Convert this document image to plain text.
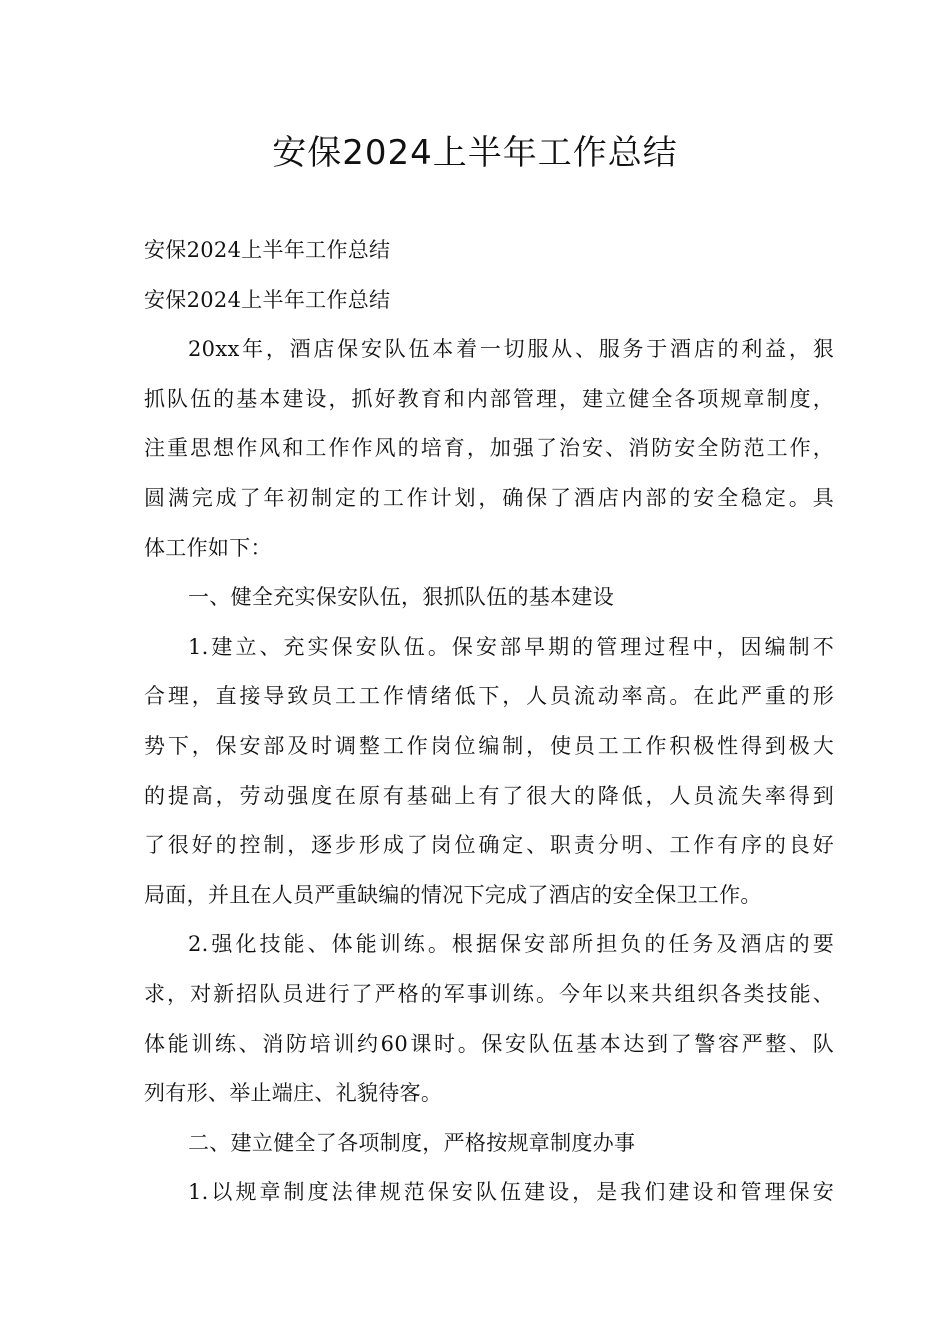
安保2024上半年工作总结
安保2024上半年工作总结
安保2024上半年工作总结
20xx年，酒店保安队伍本着一切服从、服务于酒店的利益，狠
抓队伍的基本建设，抓好教育和内部管理，建立健全各项规章制度，
注重思想作风和工作作风的培育，加强了治安、消防安全防范工作，
圆满完成了年初制定的工作计划，确保了酒店内部的安全稳定。具
体工作如下：
一、健全充实保安队伍，狠抓队伍的基本建设
1.建立、充实保安队伍。保安部早期的管理过程中，因编制不
合理，直接导致员工工作情绪低下，人员流动率高。在此严重的形
势下，保安部及时调整工作岗位编制，使员工工作积极性得到极大
的提高，劳动强度在原有基础上有了很大的降低，人员流失率得到
了很好的控制，逐步形成了岗位确定、职责分明、工作有序的良好
局面，并且在人员严重缺编的情况下完成了酒店的安全保卫工作。
2.强化技能、体能训练。根据保安部所担负的任务及酒店的要
求，对新招队员进行了严格的军事训练。今年以来共组织各类技能、
体能训练、消防培训约60课时。保安队伍基本达到了警容严整、队
列有形、举止端庄、礼貌待客。
二、建立健全了各项制度，严格按规章制度办事
1.以规章制度法律规范保安队伍建设，是我们建设和管理保安
